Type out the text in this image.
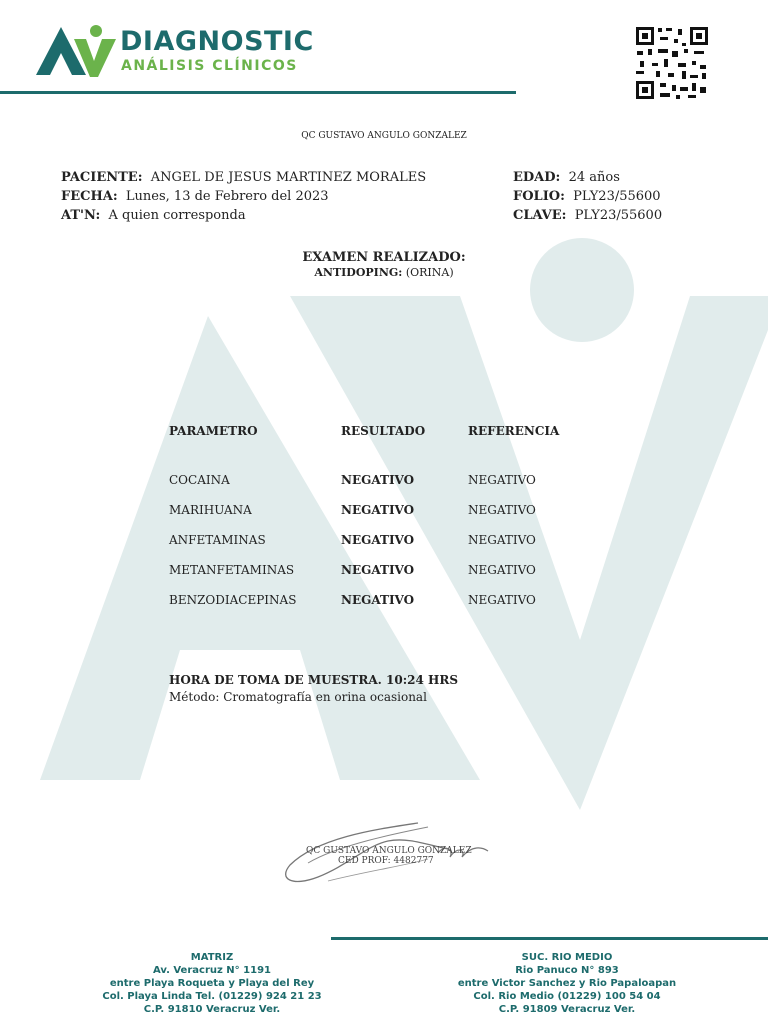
DIAGNOSTIC
ANÁLISIS CLÍNICOS
QC GUSTAVO ANGULO GONZALEZ
PACIENTE: ANGEL DE JESUS MARTINEZ MORALES
FECHA: Lunes, 13 de Febrero del 2023
AT'N: A quien corresponda
EDAD: 24 años
FOLIO: PLY23/55600
CLAVE: PLY23/55600
EXAMEN REALIZADO:
ANTIDOPING: (ORINA)
PARAMETRO	RESULTADO	REFERENCIA
COCAINA	NEGATIVO	NEGATIVO
MARIHUANA	NEGATIVO	NEGATIVO
ANFETAMINAS	NEGATIVO	NEGATIVO
METANFETAMINAS	NEGATIVO	NEGATIVO
BENZODIACEPINAS	NEGATIVO	NEGATIVO
HORA DE TOMA DE MUESTRA. 10:24 HRS
Método: Cromatografía en orina ocasional
QC GUSTAVO ANGULO GONZALEZ
CED PROF: 4482777
MATRIZ
Av. Veracruz N° 1191
entre Playa Roqueta y Playa del Rey
Col. Playa Linda Tel. (01229) 924 21 23
C.P. 91810 Veracruz Ver.
SUC. RIO MEDIO
Rio Panuco N° 893
entre Victor Sanchez y Rio Papaloapan
Col. Rio Medio (01229) 100 54 04
C.P. 91809 Veracruz Ver.
